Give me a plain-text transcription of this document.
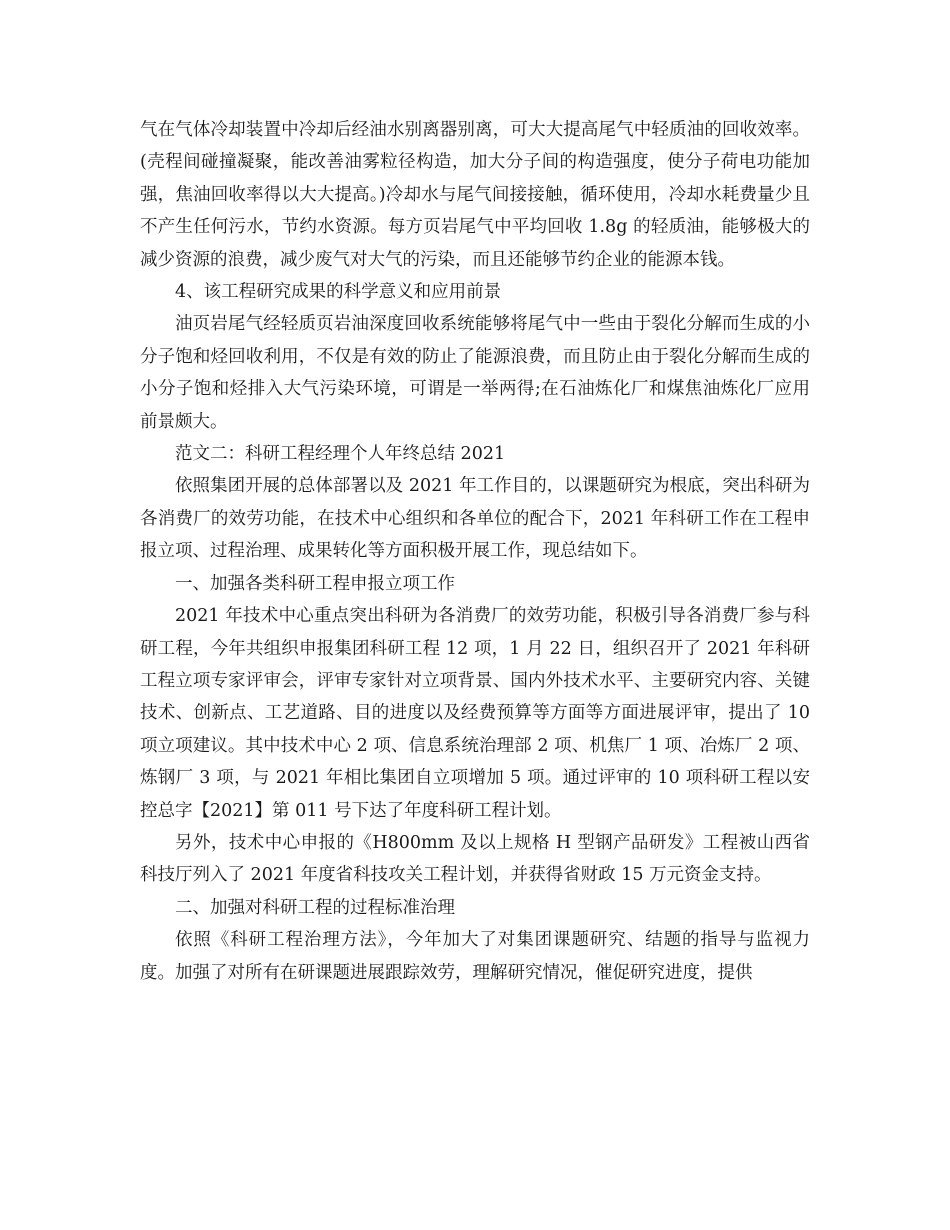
气在气体冷却装置中冷却后经油水别离器别离，可大大提高尾气中轻质油的回收效率。(壳程间碰撞凝聚，能改善油雾粒径构造，加大分子间的构造强度，使分子荷电功能加强，焦油回收率得以大大提高。)冷却水与尾气间接接触，循环使用，冷却水耗费量少且不产生任何污水，节约水资源。每方页岩尾气中平均回收 1.8g 的轻质油，能够极大的减少资源的浪费，减少废气对大气的污染，而且还能够节约企业的能源本钱。

4、该工程研究成果的科学意义和应用前景

油页岩尾气经轻质页岩油深度回收系统能够将尾气中一些由于裂化分解而生成的小分子饱和烃回收利用，不仅是有效的防止了能源浪费，而且防止由于裂化分解而生成的小分子饱和烃排入大气污染环境，可谓是一举两得;在石油炼化厂和煤焦油炼化厂应用前景颇大。

范文二：科研工程经理个人年终总结 2021

依照集团开展的总体部署以及 2021 年工作目的，以课题研究为根底，突出科研为各消费厂的效劳功能，在技术中心组织和各单位的配合下，2021 年科研工作在工程申报立项、过程治理、成果转化等方面积极开展工作，现总结如下。

一、加强各类科研工程申报立项工作

2021 年技术中心重点突出科研为各消费厂的效劳功能，积极引导各消费厂参与科研工程，今年共组织申报集团科研工程 12 项，1 月 22 日，组织召开了 2021 年科研工程立项专家评审会，评审专家针对立项背景、国内外技术水平、主要研究内容、关键技术、创新点、工艺道路、目的进度以及经费预算等方面等方面进展评审，提出了 10 项立项建议。其中技术中心 2 项、信息系统治理部 2 项、机焦厂 1 项、冶炼厂 2 项、炼钢厂 3 项，与 2021 年相比集团自立项增加 5 项。通过评审的 10 项科研工程以安控总字【2021】第 011 号下达了年度科研工程计划。

另外，技术中心申报的《H800mm 及以上规格 H 型钢产品研发》工程被山西省科技厅列入了 2021 年度省科技攻关工程计划，并获得省财政 15 万元资金支持。

二、加强对科研工程的过程标准治理

依照《科研工程治理方法》，今年加大了对集团课题研究、结题的指导与监视力度。加强了对所有在研课题进展跟踪效劳，理解研究情况，催促研究进度，提供
